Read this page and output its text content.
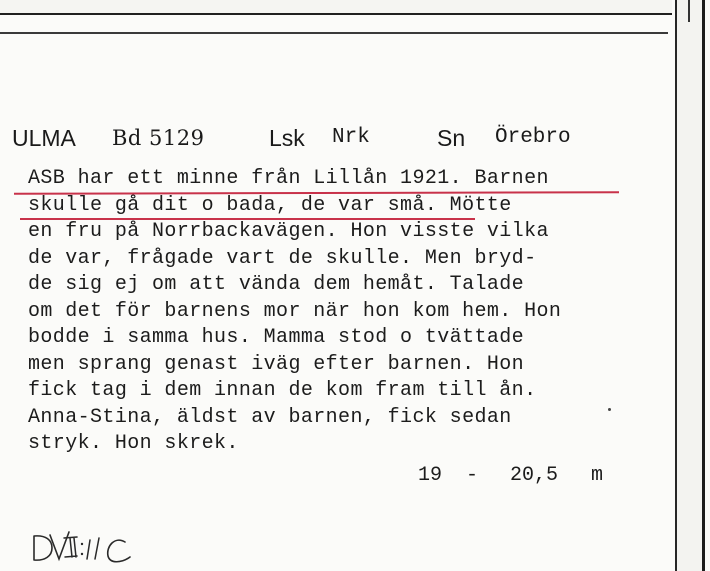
ULMA Bd 5129	Lsk Nrk	Sn Örebro
ASB har ett minne från Lillån 1921. Barnen
skulle gå dit o bada, de var små. Mötte
en fru på Norrbackavägen. Hon visste vilka
de var, frågade vart de skulle. Men bryd-
de sig ej om att vända dem hemåt. Talade
om det för barnens mor när hon kom hem. Hon
bodde i samma hus. Mamma stod o tvättade
men sprang genast iväg efter barnen. Hon
fick tag i dem innan de kom fram till ån.
Anna-Stina, äldst av barnen, fick sedan
stryk. Hon skrek.
19 - 20,5 m
